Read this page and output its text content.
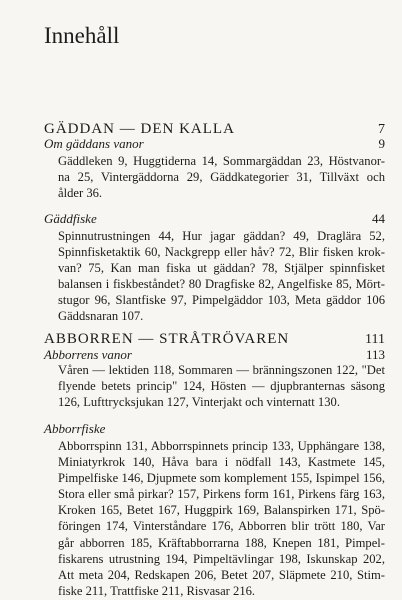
Innehåll
GÄDDAN — DEN KALLA	7
Om gäddans vanor	9
Gäddleken 9, Huggtiderna 14, Sommargäddan 23, Höstvanor-
na 25, Vintergäddorna 29, Gäddkategorier 31, Tillväxt och
ålder 36.
Gäddfiske	44
Spinnutrustningen 44, Hur jagar gäddan? 49, Draglära 52,
Spinnfisketaktik 60, Nackgrepp eller håv? 72, Blir fisken krok-
van? 75, Kan man fiska ut gäddan? 78, Stjälper spinnfisket
balansen i fiskbeståndet? 80 Dragfiske 82, Angelfiske 85, Mört-
stugor 96, Slantfiske 97, Pimpelgäddor 103, Meta gäddor 106
Gäddsnaran 107.
ABBORREN — STRÅTRÖVAREN	111
Abborrens vanor	113
Våren — lektiden 118, Sommaren — bränningszonen 122, "Det
flyende betets princip" 124, Hösten — djupbranternas säsong
126, Lufttrycksjukan 127, Vinterjakt och vinternatt 130.
Abborrfiske
Abborrspinn 131, Abborrspinnets princip 133, Upphängare 138,
Miniatyrkrok 140, Håva bara i nödfall 143, Kastmete 145,
Pimpelfiske 146, Djupmete som komplement 155, Ispimpel 156,
Stora eller små pirkar? 157, Pirkens form 161, Pirkens färg 163,
Kroken 165, Betet 167, Huggpirk 169, Balanspirken 171, Spö-
föringen 174, Vinterståndare 176, Abborren blir trött 180, Var
går abborren 185, Kräftabborrarna 188, Knepen 181, Pimpel-
fiskarens utrustning 194, Pimpeltävlingar 198, Iskunskap 202,
Att meta 204, Redskapen 206, Betet 207, Släpmete 210, Stim-
fiske 211, Trattfiske 211, Risvasar 216.
